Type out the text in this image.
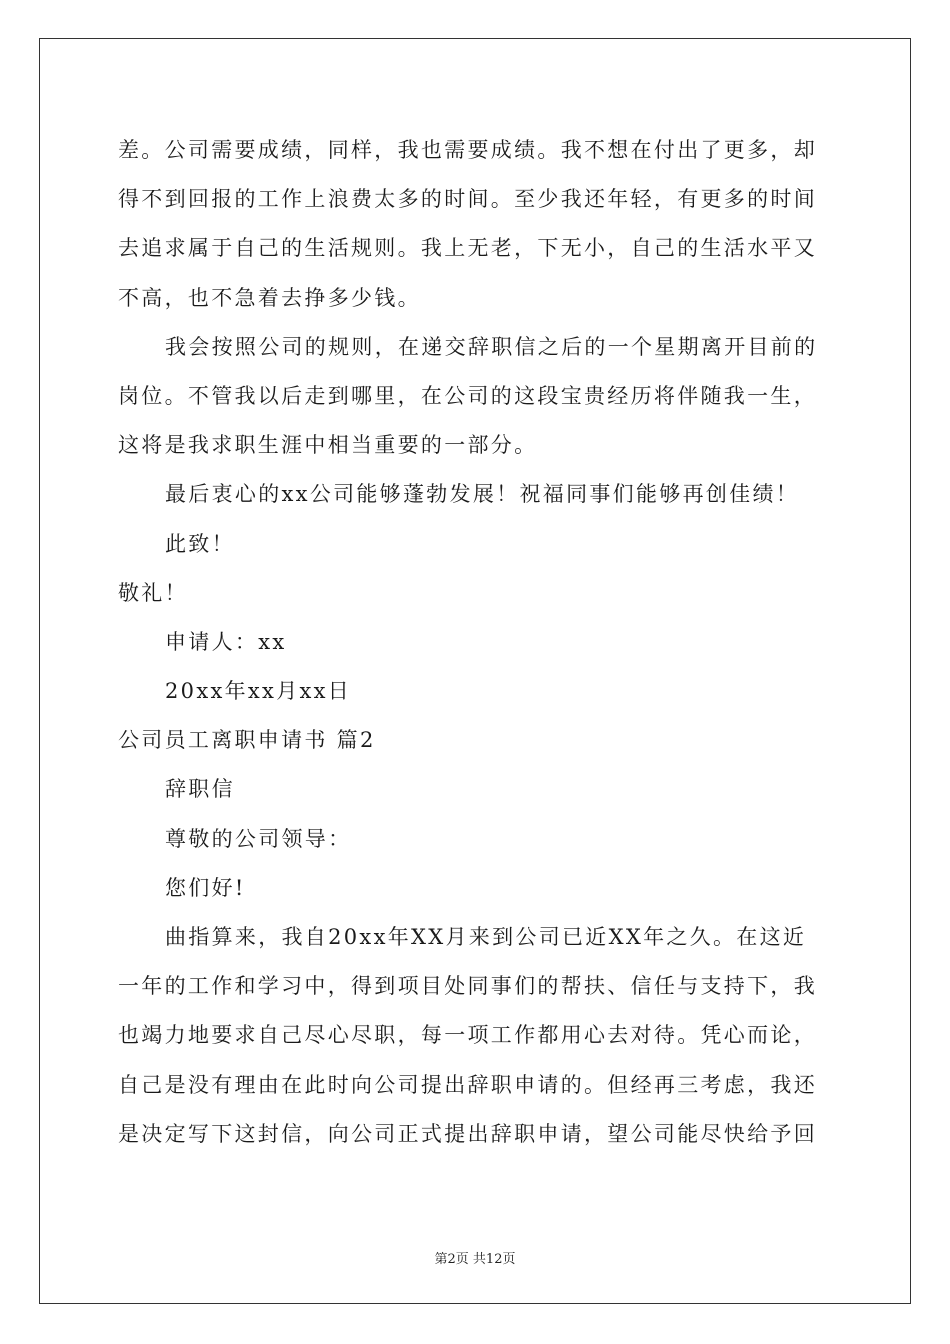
差。公司需要成绩，同样，我也需要成绩。我不想在付出了更多，却
得不到回报的工作上浪费太多的时间。至少我还年轻，有更多的时间
去追求属于自己的生活规则。我上无老，下无小，自己的生活水平又
不高，也不急着去挣多少钱。
我会按照公司的规则，在递交辞职信之后的一个星期离开目前的
岗位。不管我以后走到哪里，在公司的这段宝贵经历将伴随我一生，
这将是我求职生涯中相当重要的一部分。
最后衷心的xx公司能够蓬勃发展！祝福同事们能够再创佳绩！
此致！
敬礼！
申请人：xx
20xx年xx月xx日
公司员工离职申请书 篇2
辞职信
尊敬的公司领导：
您们好!
曲指算来，我自20xx年XX月来到公司已近XX年之久。在这近
一年的工作和学习中，得到项目处同事们的帮扶、信任与支持下，我
也竭力地要求自己尽心尽职，每一项工作都用心去对待。凭心而论，
自己是没有理由在此时向公司提出辞职申请的。但经再三考虑，我还
是决定写下这封信，向公司正式提出辞职申请，望公司能尽快给予回
第2页 共12页
